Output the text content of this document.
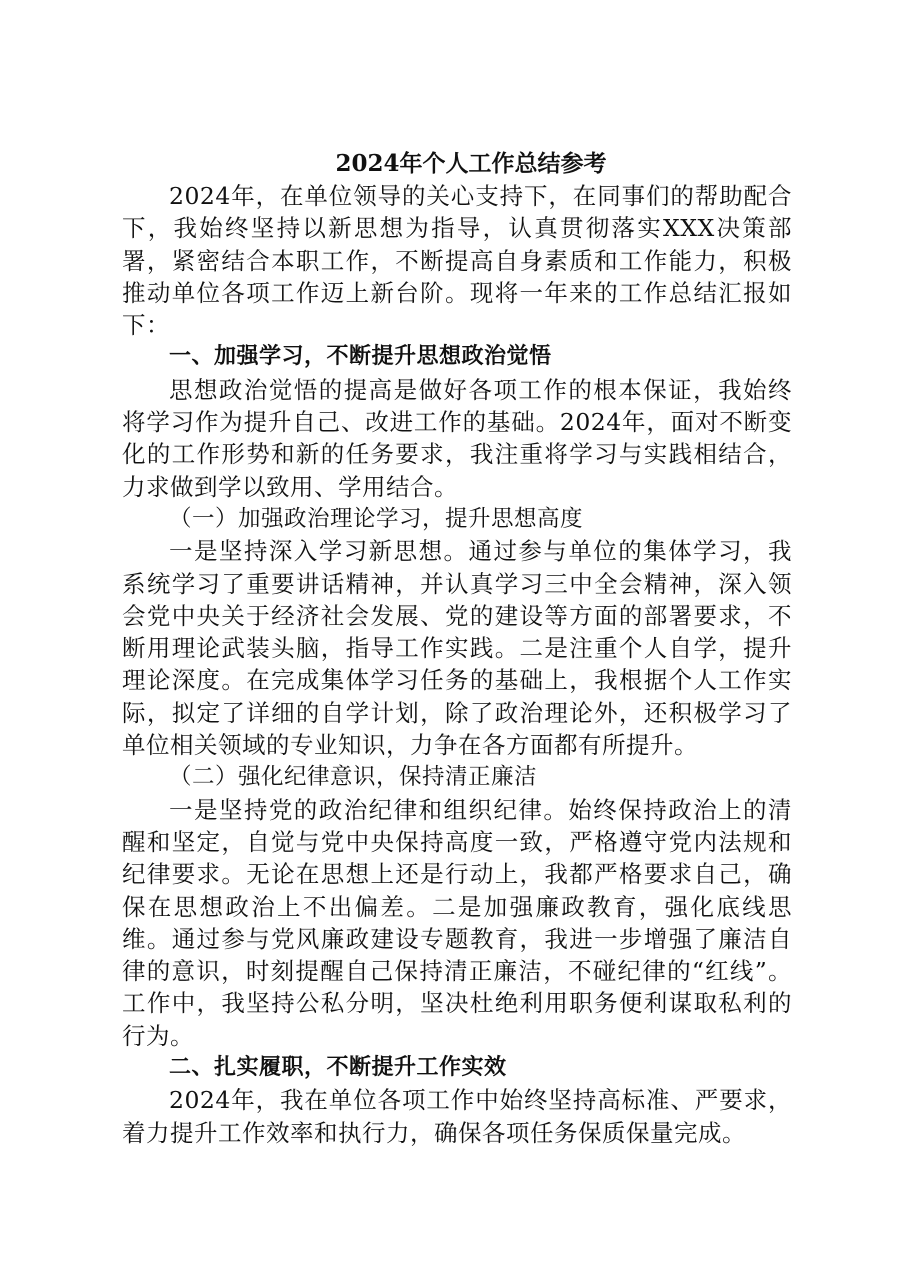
2024年个人工作总结参考

2024年，在单位领导的关心支持下，在同事们的帮助配合下，我始终坚持以新思想为指导，认真贯彻落实XXX决策部署，紧密结合本职工作，不断提高自身素质和工作能力，积极推动单位各项工作迈上新台阶。现将一年来的工作总结汇报如下：

一、加强学习，不断提升思想政治觉悟

思想政治觉悟的提高是做好各项工作的根本保证，我始终将学习作为提升自己、改进工作的基础。2024年，面对不断变化的工作形势和新的任务要求，我注重将学习与实践相结合，力求做到学以致用、学用结合。

（一）加强政治理论学习，提升思想高度

一是坚持深入学习新思想。通过参与单位的集体学习，我系统学习了重要讲话精神，并认真学习三中全会精神，深入领会党中央关于经济社会发展、党的建设等方面的部署要求，不断用理论武装头脑，指导工作实践。二是注重个人自学，提升理论深度。在完成集体学习任务的基础上，我根据个人工作实际，拟定了详细的自学计划，除了政治理论外，还积极学习了单位相关领域的专业知识，力争在各方面都有所提升。

（二）强化纪律意识，保持清正廉洁

一是坚持党的政治纪律和组织纪律。始终保持政治上的清醒和坚定，自觉与党中央保持高度一致，严格遵守党内法规和纪律要求。无论在思想上还是行动上，我都严格要求自己，确保在思想政治上不出偏差。二是加强廉政教育，强化底线思维。通过参与党风廉政建设专题教育，我进一步增强了廉洁自律的意识，时刻提醒自己保持清正廉洁，不碰纪律的“红线”。工作中，我坚持公私分明，坚决杜绝利用职务便利谋取私利的行为。

二、扎实履职，不断提升工作实效

2024年，我在单位各项工作中始终坚持高标准、严要求，着力提升工作效率和执行力，确保各项任务保质保量完成。
